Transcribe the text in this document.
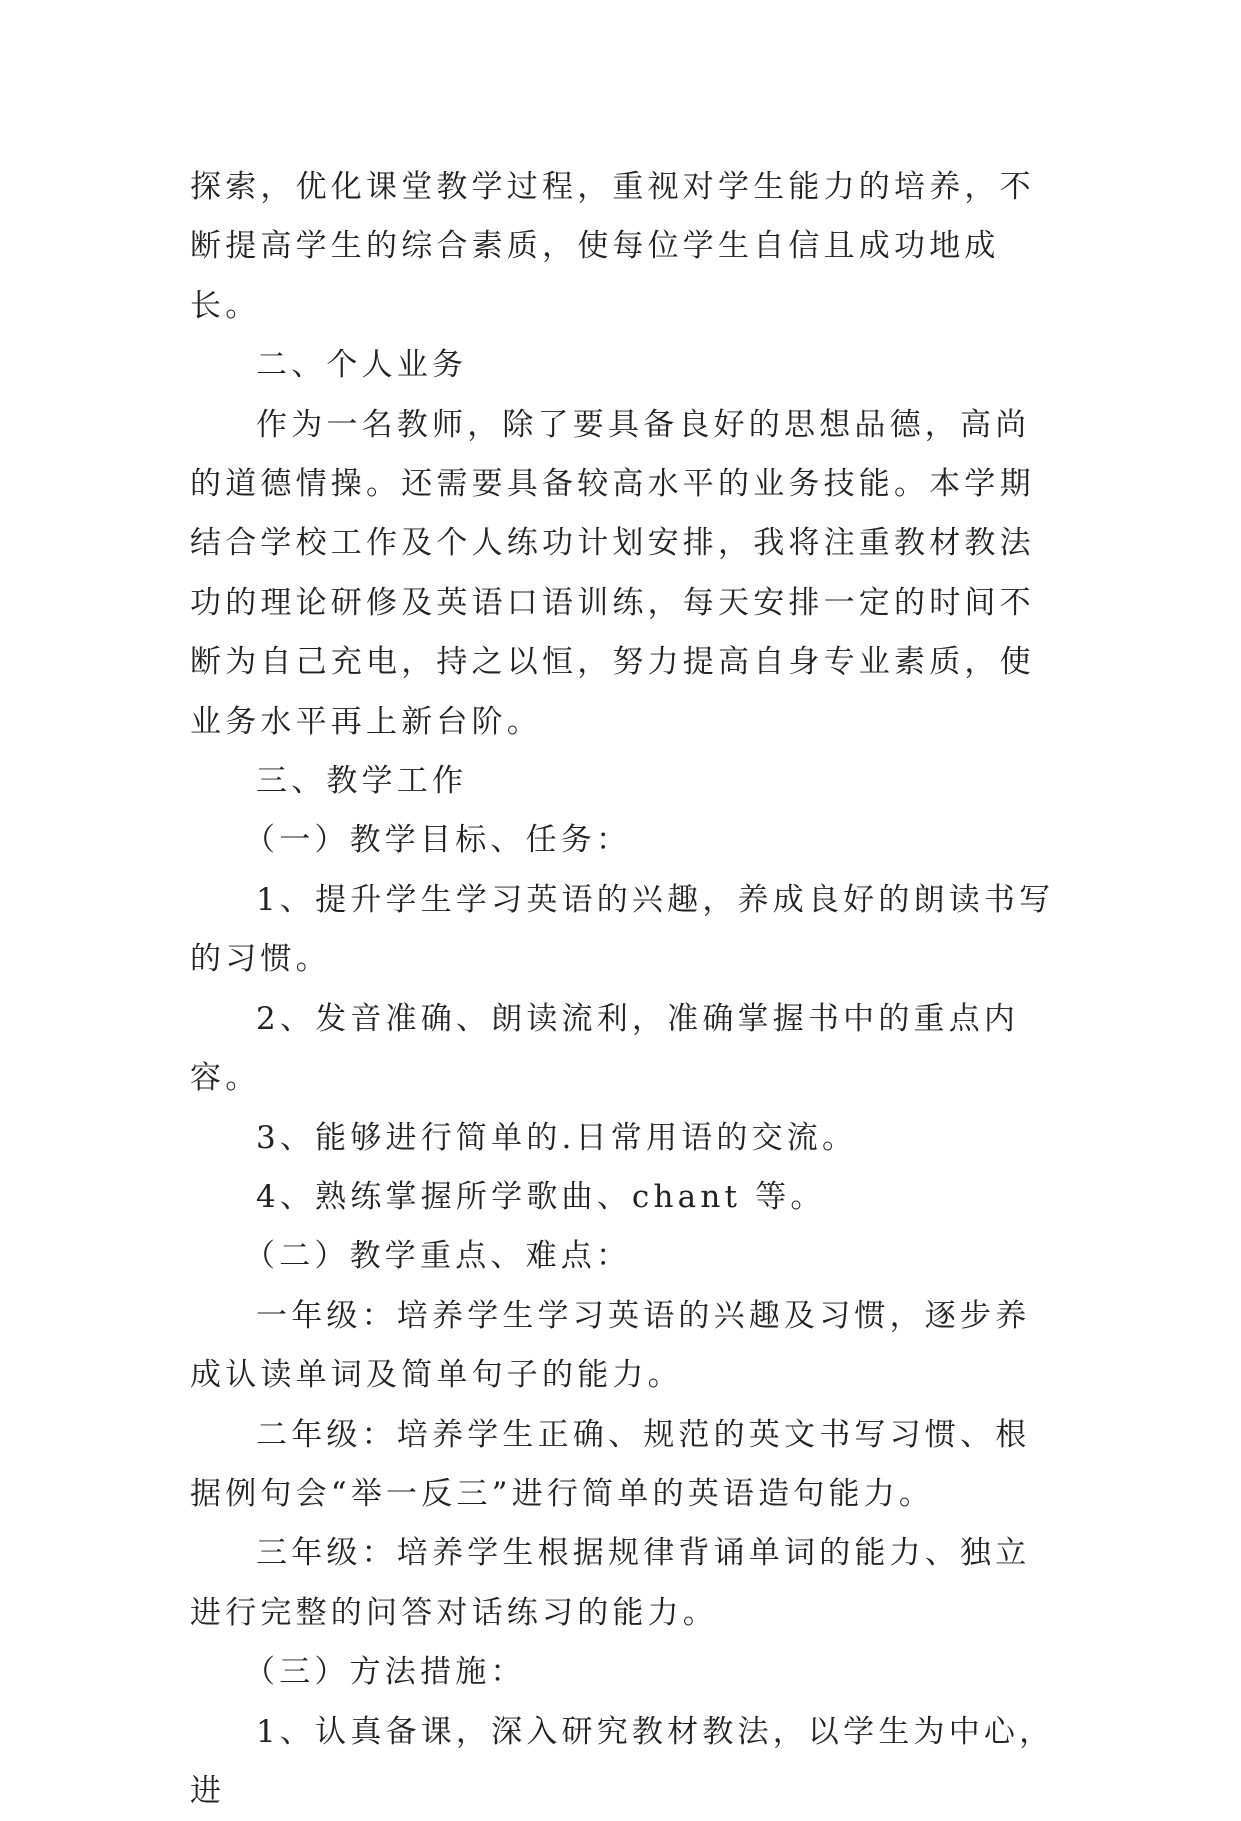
探索，优化课堂教学过程，重视对学生能力的培养，不断提高学生的综合素质，使每位学生自信且成功地成长。

二、个人业务

作为一名教师，除了要具备良好的思想品德，高尚的道德情操。还需要具备较高水平的业务技能。本学期结合学校工作及个人练功计划安排，我将注重教材教法功的理论研修及英语口语训练，每天安排一定的时间不断为自己充电，持之以恒，努力提高自身专业素质，使业务水平再上新台阶。

三、教学工作

（一）教学目标、任务：

1、提升学生学习英语的兴趣，养成良好的朗读书写的习惯。

2、发音准确、朗读流利，准确掌握书中的重点内容。

3、能够进行简单的.日常用语的交流。

4、熟练掌握所学歌曲、chant 等。

（二）教学重点、难点：

一年级：培养学生学习英语的兴趣及习惯，逐步养成认读单词及简单句子的能力。

二年级：培养学生正确、规范的英文书写习惯、根据例句会“举一反三”进行简单的英语造句能力。

三年级：培养学生根据规律背诵单词的能力、独立进行完整的问答对话练习的能力。

（三）方法措施：

1、认真备课，深入研究教材教法，以学生为中心，进
